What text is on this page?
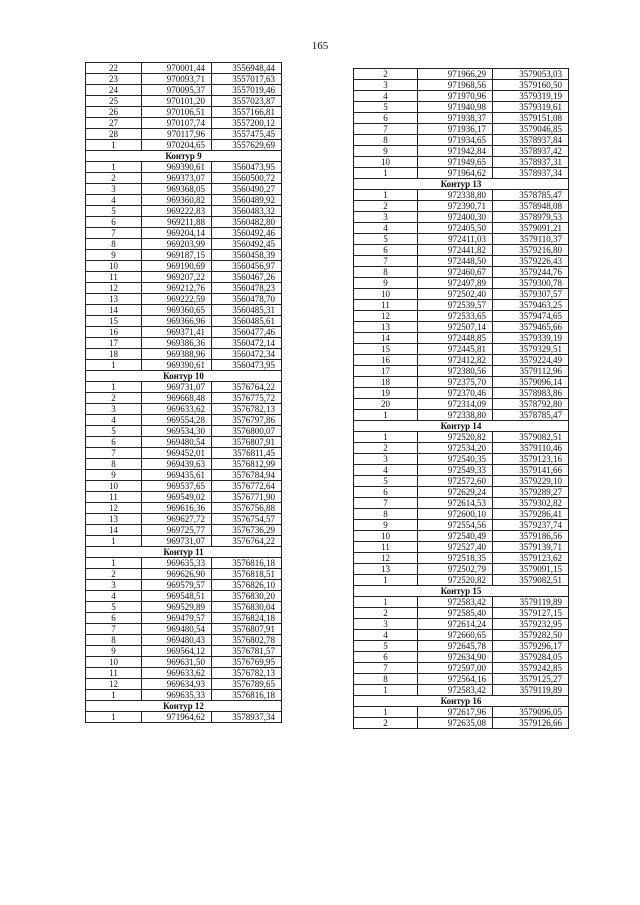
165
22	970001,44	3556948,44
23	970093,71	3557017,63
24	970095,37	3557019,46
25	970101,20	3557023,87
26	970106,51	3557166,81
27	970107,74	3557200,12
28	970117,96	3557475,45
1	970204,65	3557629,69
Контур 9		
1	969390,61	3560473,95
2	969373,07	3560500,72
3	969368,05	3560490,27
4	969360,82	3560489,92
5	969222,83	3560483,32
6	969211,88	3560482,80
7	969204,14	3560492,46
8	969203,99	3560492,45
9	969187,15	3560458,39
10	969190,69	3560456,97
11	969207,22	3560467,26
12	969212,76	3560478,23
13	969222,59	3560478,70
14	969360,65	3560485,31
15	969366,96	3560485,61
16	969371,41	3560477,46
17	969386,36	3560472,14
18	969388,96	3560472,34
1	969390,61	3560473,95
Контур 10		
1	969731,07	3576764,22
2	969668,48	3576775,72
3	969633,62	3576782,13
4	969554,28	3576797,86
5	969534,30	3576800,07
6	969480,54	3576807,91
7	969452,01	3576811,45
8	969439,63	3576812,99
9	969435,61	3576784,94
10	969537,65	3576772,64
11	969549,02	3576771,90
12	969616,36	3576756,88
13	969627,72	3576754,57
14	969725,77	3576736,29
1	969731,07	3576764,22
Контур 11		
1	969635,33	3576816,18
2	969626,90	3576818,51
3	969579,57	3576826,10
4	969548,51	3576830,20
5	969529,89	3576830,04
6	969479,57	3576824,18
7	969480,54	3576807,91
8	969480,43	3576802,78
9	969564,12	3576781,57
10	969631,50	3576769,95
11	969633,62	3576782,13
12	969634,93	3576789,65
1	969635,33	3576816,18
Контур 12		
1	971964,62	3578937,34
2	971966,29	3579053,03
3	971968,56	3579160,50
4	971970,96	3579319,19
5	971940,98	3579319,61
6	971938,37	3579151,08
7	971936,17	3579046,85
8	971934,65	3578937,84
9	971942,84	3578937,42
10	971949,65	3578937,31
1	971964,62	3578937,34
Контур 13		
1	972338,80	3578785,47
2	972390,71	3578948,08
3	972400,30	3578979,53
4	972405,50	3579091,21
5	972411,03	3579110,37
6	972441,82	3579216,80
7	972448,50	3579226,43
8	972460,67	3579244,76
9	972497,89	3579300,78
10	972502,40	3579307,57
11	972539,57	3579463,25
12	972533,65	3579474,65
13	972507,14	3579465,66
14	972448,85	3579339,19
15	972445,81	3579329,51
16	972412,82	3579224,49
17	972380,56	3579112,96
18	972375,70	3579096,14
19	972370,46	3578983,86
20	972314,09	3578792,80
1	972338,80	3578785,47
Контур 14		
1	972520,82	3579082,51
2	972534,20	3579110,46
3	972540,35	3579123,16
4	972549,33	3579141,66
5	972572,60	3579229,10
6	972629,24	3579289,27
7	972614,53	3579302,82
8	972600,10	3579286,41
9	972554,56	3579237,74
10	972540,49	3579186,56
11	972527,40	3579139,71
12	972518,35	3579123,62
13	972502,79	3579091,15
1	972520,82	3579082,51
Контур 15		
1	972583,42	3579119,89
2	972585,40	3579127,15
3	972614,24	3579232,95
4	972660,65	3579282,50
5	972645,78	3579296,17
6	972634,90	3579284,05
7	972597,00	3579242,85
8	972564,16	3579125,27
1	972583,42	3579119,89
Контур 16		
1	972617,96	3579096,05
2	972635,08	3579126,66
